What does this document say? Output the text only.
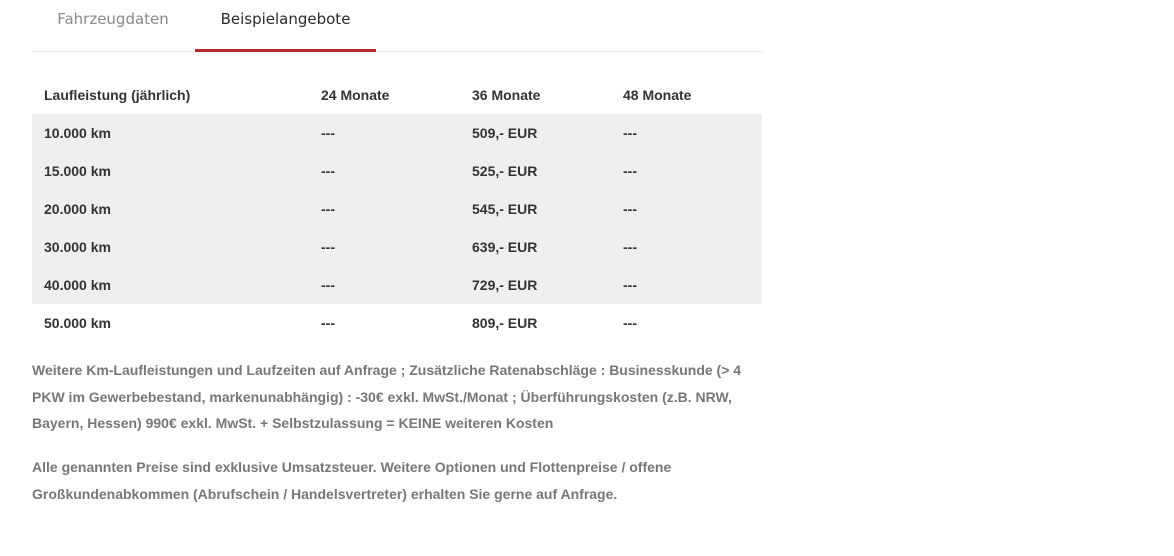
Fahrzeugdaten	Beispielangebote
Laufleistung (jährlich)	24 Monate	36 Monate	48 Monate
10.000 km	---	509,- EUR	---
15.000 km	---	525,- EUR	---
20.000 km	---	545,- EUR	---
30.000 km	---	639,- EUR	---
40.000 km	---	729,- EUR	---
50.000 km	---	809,- EUR	---

Weitere Km-Laufleistungen und Laufzeiten auf Anfrage ; Zusätzliche Ratenabschläge : Businesskunde (> 4 PKW im Gewerbebestand, markenunabhängig) : -30€ exkl. MwSt./Monat ; Überführungskosten (z.B. NRW, Bayern, Hessen) 990€ exkl. MwSt. + Selbstzulassung = KEINE weiteren Kosten

Alle genannten Preise sind exklusive Umsatzsteuer. Weitere Optionen und Flottenpreise / offene Großkundenabkommen (Abrufschein / Handelsvertreter) erhalten Sie gerne auf Anfrage.
